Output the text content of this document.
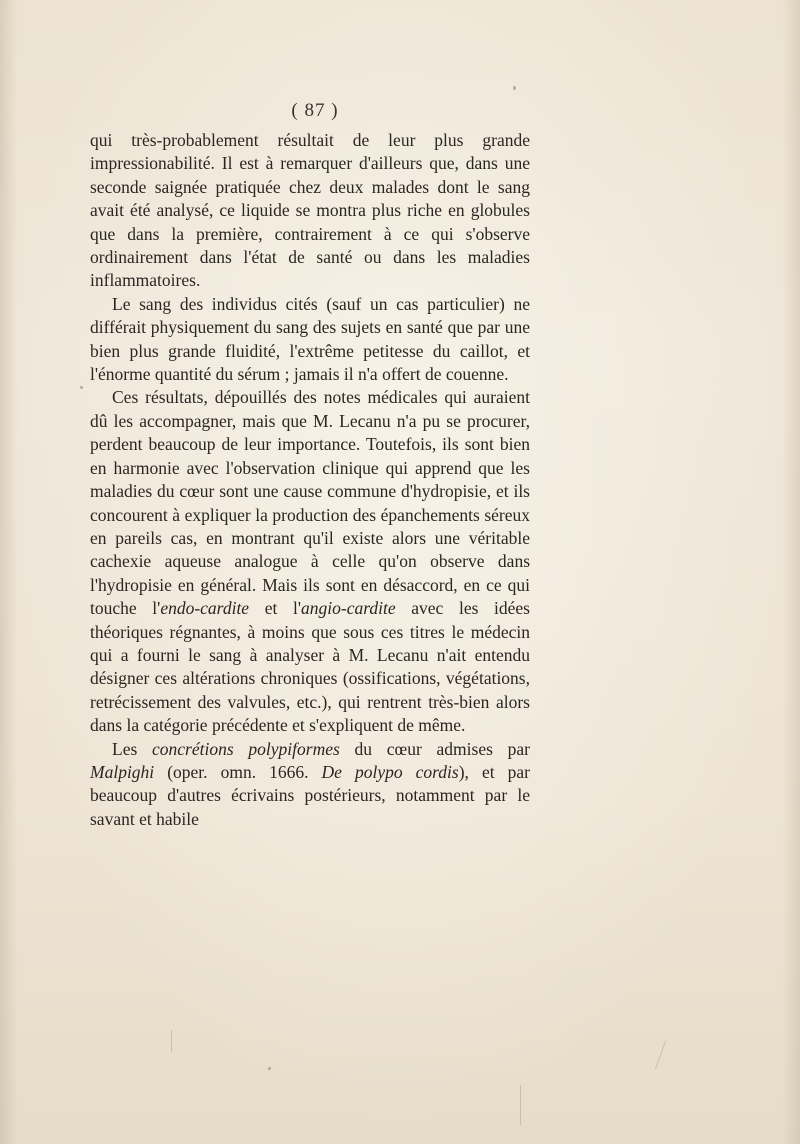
( 87 )

qui très-probablement résultait de leur plus grande impressionabilité. Il est à remarquer d'ailleurs que, dans une seconde saignée pratiquée chez deux malades dont le sang avait été analysé, ce liquide se montra plus riche en globules que dans la première, contrairement à ce qui s'observe ordinairement dans l'état de santé ou dans les maladies inflammatoires.

Le sang des individus cités (sauf un cas particulier) ne différait physiquement du sang des sujets en santé que par une bien plus grande fluidité, l'extrême petitesse du caillot, et l'énorme quantité du sérum ; jamais il n'a offert de couenne.

Ces résultats, dépouillés des notes médicales qui auraient dû les accompagner, mais que M. Lecanu n'a pu se procurer, perdent beaucoup de leur importance. Toutefois, ils sont bien en harmonie avec l'observation clinique qui apprend que les maladies du cœur sont une cause commune d'hydropisie, et ils concourent à expliquer la production des épanchements séreux en pareils cas, en montrant qu'il existe alors une véritable cachexie aqueuse analogue à celle qu'on observe dans l'hydropisie en général. Mais ils sont en désaccord, en ce qui touche l'endo-cardite et l'angio-cardite avec les idées théoriques régnantes, à moins que sous ces titres le médecin qui a fourni le sang à analyser à M. Lecanu n'ait entendu désigner ces altérations chroniques (ossifications, végétations, retrécissement des valvules, etc.), qui rentrent très-bien alors dans la catégorie précédente et s'expliquent de même.

Les concrétions polypiformes du cœur admises par Malpighi (oper. omn. 1666. De polypo cordis), et par beaucoup d'autres écrivains postérieurs, notamment par le savant et habile
